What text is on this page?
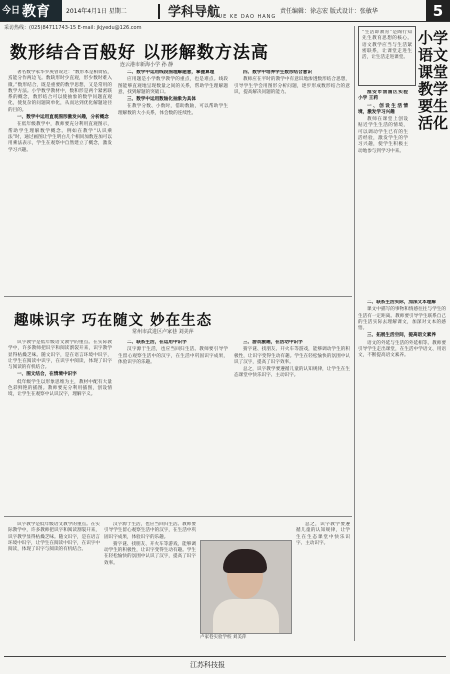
今日 教育	2014年4月1日 星期二	学科导航
XUE KE DAO HANG
责任编辑：徐志宏 版式设计：张敏华	5
采访热线：(025)84711743-15 E-mail: jkjyedu@126.com
数形结合百般好 以形解数方法高
连云港市新海小学 孙 静

著名数学家华罗庚曾说过：“数形本是相倚依，焉能分作两边飞。数缺形时少直观，形少数时难入微。”数形结合，既是重要的数学思想，又是常用的数学方法。小学数学教材中，数和形是两个紧密联系的概念，数形结合可以使抽象的数学问题直观化，使复杂的问题简单化，从而达到优化解题途径的目的。

一、数学中运用直观图形激发兴趣，分析概念

在低年级教学中，教师要充分利用直观图示，帮助学生理解数学概念。例如在教学“认识乘法”时，通过画图让学生明白几个相同加数连加可以用乘法表示，学生在观察中自然建立了概念，激发学习兴趣。

二、数学中运用线段图理解题意，掌握算理

应用题是小学数学教学的重点，也是难点。线段图能够直观地呈现数量之间的关系，帮助学生理解题意，找到解题的突破口。

三、数学中运用数轴化抽象为具体

在教学分数、小数时，借助数轴，可以帮助学生理解数的大小关系，体会数的连续性。

四、数学中培养学生数形结合意识

教师应在平时的教学中有意识地渗透数形结合思想，引导学生学会用图形分析问题，逐步形成数形结合的意识，提高解决问题的能力。

趣味识字 巧在随文 妙在生态
常州市武进区卢家巷 刘美萍

识字教学是低年级语文教学的重点。在实际教学中，许多教师把识字和阅读割裂开来，识字教学显得枯燥乏味。随文识字，是在语言环境中识字，让学生在阅读中识字，在识字中阅读，体现了识字与阅读的有机结合。

一、图文结合，在情境中识字

低年级学生以形象思维为主，教材中配有大量色彩鲜艳的插图。教师要充分利用插图，创设情境，让学生在观察中认识汉字，理解字义。

二、联系生活，在运用中识字

汉字源于生活，也应当回归生活。教师要引导学生留心观察生活中的汉字，在生活中巩固识字成果，体验识字的乐趣。

三、游戏激趣，在活动中识字

猜字谜、找朋友、开火车等游戏，能够调动学生的积极性，让识字变得生动有趣。学生在轻松愉快的氛围中认识了汉字，提高了识字效率。

总之，识字教学要遵循儿童的认知规律，让学生在生态课堂中快乐识字、主动识字。

识字教学是低年级语文教学的重点。在实际教学中，许多教师把识字和阅读割裂开来，识字教学显得枯燥乏味。随文识字，是在语言环境中识字，让学生在阅读中识字，在识字中阅读，体现了识字与阅读的有机结合。

汉字源于生活，也应当回归生活。教师要引导学生留心观察生活中的汉字，在生活中巩固识字成果，体验识字的乐趣。

猜字谜、找朋友、开火车等游戏，能够调动学生的积极性，让识字变得生动有趣。学生在轻松愉快的氛围中认识了汉字，提高了识字效率。

卢家巷实验学校 刘美萍

总之，识字教学要遵循儿童的认知规律，让学生在生态课堂中快乐识字、主动识字。

“生活即教育”是陶行知先生教育思想的核心。语文教学应当与生活紧密联系，让课堂走进生活，让生活走进课堂。
小学语文课堂教学要生活化

淮安市清浦区实验小学 王莉

一、创设生活情境，激发学习兴趣

教师在课堂上创设贴近学生生活的情境，可以调动学生已有的生活经验，激发学生的学习兴趣，使学生积极主动地参与到学习中来。

二、联系生活实际，加深文本理解

课文中描写的事物和情感往往与学生的生活有一定距离。教师要引导学生联系自己的生活实际去理解课文，加深对文本的感悟。

三、拓展生活空间，提高语文素养

语文的外延与生活的外延相等。教师要引导学生走出课堂，在生活中学语文、用语文，不断提高语文素养。

江苏科技报
